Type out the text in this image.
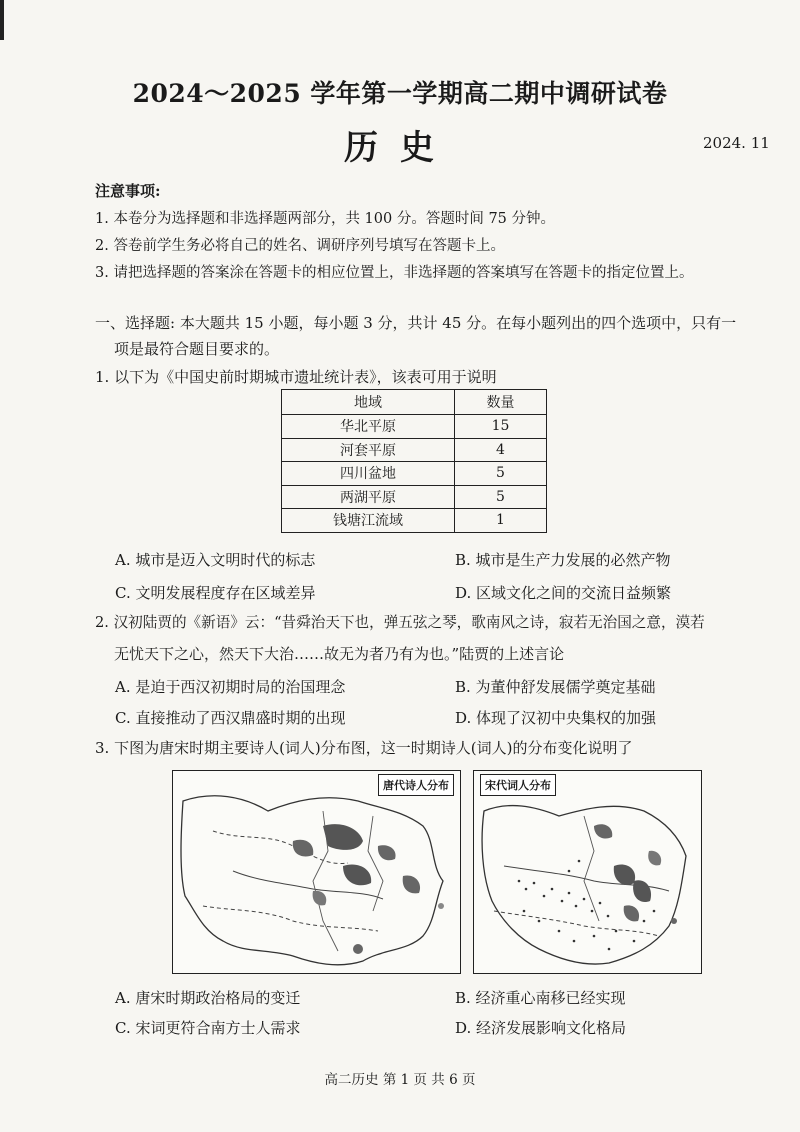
2024～2025 学年第一学期高二期中调研试卷
历史	2024. 11
注意事项:
1. 本卷分为选择题和非选择题两部分，共 100 分。答题时间 75 分钟。
2. 答卷前学生务必将自己的姓名、调研序列号填写在答题卡上。
3. 请把选择题的答案涂在答题卡的相应位置上，非选择题的答案填写在答题卡的指定位置上。
一、选择题: 本大题共 15 小题，每小题 3 分，共计 45 分。在每小题列出的四个选项中，只有一
项是最符合题目要求的。
1. 以下为《中国史前时期城市遗址统计表》，该表可用于说明
地域	数量
华北平原	15
河套平原	4
四川盆地	5
两湖平原	5
钱塘江流域	1
A. 城市是迈入文明时代的标志	B. 城市是生产力发展的必然产物
C. 文明发展程度存在区域差异	D. 区域文化之间的交流日益频繁
2. 汉初陆贾的《新语》云：“昔舜治天下也，弹五弦之琴，歌南风之诗，寂若无治国之意，漠若
无忧天下之心，然天下大治……故无为者乃有为也。”陆贾的上述言论
A. 是迫于西汉初期时局的治国理念	B. 为董仲舒发展儒学奠定基础
C. 直接推动了西汉鼎盛时期的出现	D. 体现了汉初中央集权的加强
3. 下图为唐宋时期主要诗人(词人)分布图，这一时期诗人(词人)的分布变化说明了
唐代诗人分布	宋代词人分布
A. 唐宋时期政治格局的变迁	B. 经济重心南移已经实现
C. 宋词更符合南方士人需求	D. 经济发展影响文化格局
高二历史 第 1 页 共 6 页
